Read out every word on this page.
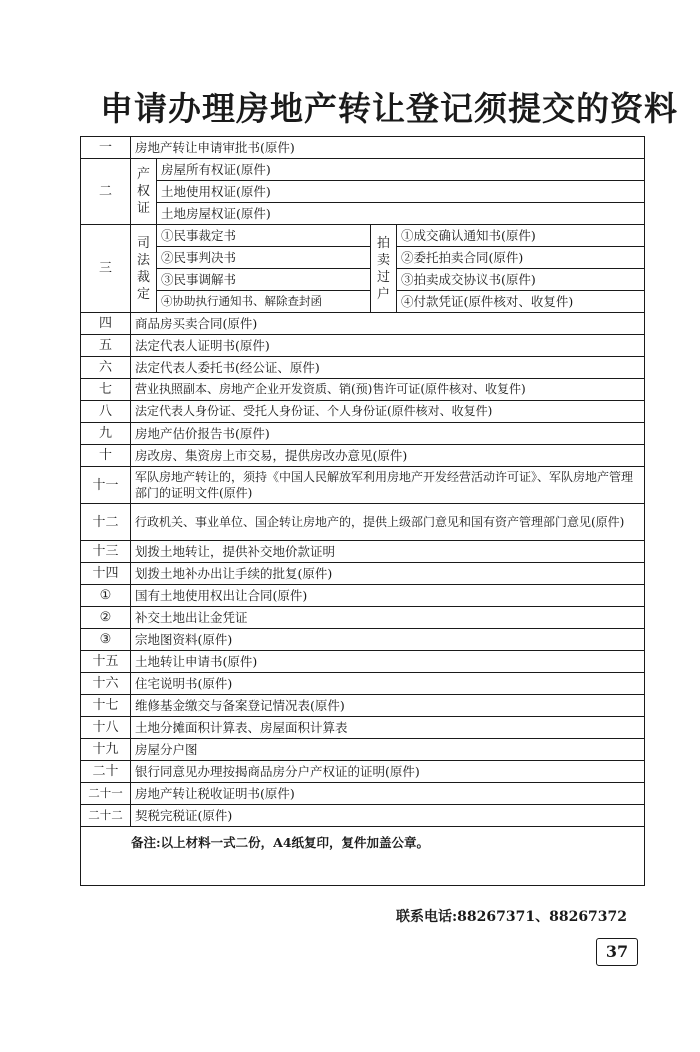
申请办理房地产转让登记须提交的资料
一	房地产转让申请审批书(原件)			
二	产权证	房屋所有权证(原件)		
		土地使用权证(原件)		
		土地房屋权证(原件)		
三	司法裁定	①民事裁定书	拍卖过户	①成交确认通知书(原件)
		②民事判决书		②委托拍卖合同(原件)
		③民事调解书		③拍卖成交协议书(原件)
		④协助执行通知书、解除查封函		④付款凭证(原件核对、收复件)
四	商品房买卖合同(原件)			
五	法定代表人证明书(原件)			
六	法定代表人委托书(经公证、原件)			
七	营业执照副本、房地产企业开发资质、销(预)售许可证(原件核对、收复件)			
八	法定代表人身份证、受托人身份证、个人身份证(原件核对、收复件)			
九	房地产估价报告书(原件)			
十	房改房、集资房上市交易，提供房改办意见(原件)			
十一	军队房地产转让的，须持《中国人民解放军利用房地产开发经营活动许可证》、军队房地产管理部门的证明文件(原件)			
十二	行政机关、事业单位、国企转让房地产的，提供上级部门意见和国有资产管理部门意见(原件)			
十三	划拨土地转让，提供补交地价款证明			
十四	划拨土地补办出让手续的批复(原件)			
①	国有土地使用权出让合同(原件)			
②	补交土地出让金凭证			
③	宗地图资料(原件)			
十五	土地转让申请书(原件)			
十六	住宅说明书(原件)			
十七	维修基金缴交与备案登记情况表(原件)			
十八	土地分摊面积计算表、房屋面积计算表			
十九	房屋分户图			
二十	银行同意见办理按揭商品房分户产权证的证明(原件)			
二十一	房地产转让税收证明书(原件)			
二十二	契税完税证(原件)			
备注:以上材料一式二份，A4纸复印，复件加盖公章。				
联系电话:88267371、88267372
37
